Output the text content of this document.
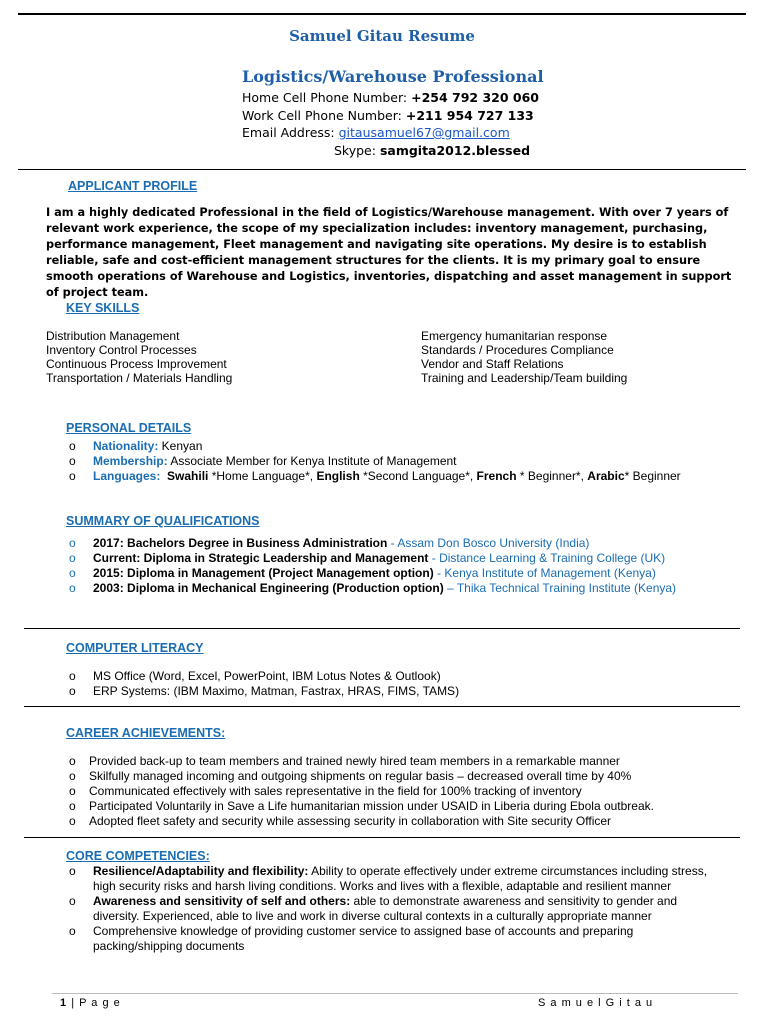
Samuel Gitau Resume
Logistics/Warehouse Professional
Home Cell Phone Number: +254 792 320 060
Work Cell Phone Number: +211 954 727 133
Email Address: gitausamuel67@gmail.com
Skype: samgita2012.blessed
APPLICANT PROFILE
I am a highly dedicated Professional in the field of Logistics/Warehouse management. With over 7 years of relevant work experience, the scope of my specialization includes: inventory management, purchasing, performance management, Fleet management and navigating site operations. My desire is to establish reliable, safe and cost-efficient management structures for the clients. It is my primary goal to ensure smooth operations of Warehouse and Logistics, inventories, dispatching and asset management in support of project team.
KEY SKILLS
Distribution Management
Inventory Control Processes
Continuous Process Improvement
Transportation / Materials Handling
Emergency humanitarian response
Standards / Procedures Compliance
Vendor and Staff Relations
Training and Leadership/Team building
PERSONAL DETAILS
o Nationality: Kenyan
o Membership: Associate Member for Kenya Institute of Management
o Languages: Swahili *Home Language*, English *Second Language*, French * Beginner*, Arabic* Beginner
SUMMARY OF QUALIFICATIONS
o 2017: Bachelors Degree in Business Administration - Assam Don Bosco University (India)
o Current: Diploma in Strategic Leadership and Management - Distance Learning & Training College (UK)
o 2015: Diploma in Management (Project Management option) - Kenya Institute of Management (Kenya)
o 2003: Diploma in Mechanical Engineering (Production option) – Thika Technical Training Institute (Kenya)
COMPUTER LITERACY
o MS Office (Word, Excel, PowerPoint, IBM Lotus Notes & Outlook)
o ERP Systems: (IBM Maximo, Matman, Fastrax, HRAS, FIMS, TAMS)
CAREER ACHIEVEMENTS:
o Provided back-up to team members and trained newly hired team members in a remarkable manner
o Skilfully managed incoming and outgoing shipments on regular basis – decreased overall time by 40%
o Communicated effectively with sales representative in the field for 100% tracking of inventory
o Participated Voluntarily in Save a Life humanitarian mission under USAID in Liberia during Ebola outbreak.
o Adopted fleet safety and security while assessing security in collaboration with Site security Officer
CORE COMPETENCIES:
o Resilience/Adaptability and flexibility: Ability to operate effectively under extreme circumstances including stress, high security risks and harsh living conditions. Works and lives with a flexible, adaptable and resilient manner
o Awareness and sensitivity of self and others: able to demonstrate awareness and sensitivity to gender and diversity. Experienced, able to live and work in diverse cultural contexts in a culturally appropriate manner
o Comprehensive knowledge of providing customer service to assigned base of accounts and preparing packing/shipping documents
1 | P a g e	S a m u e l G i t a u
